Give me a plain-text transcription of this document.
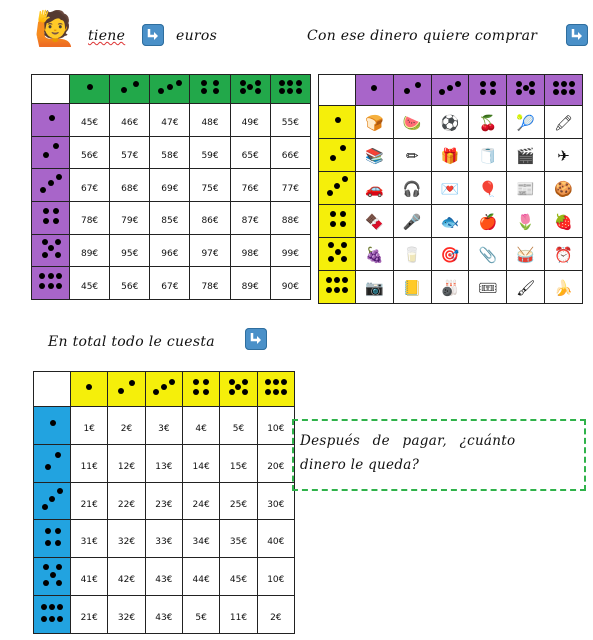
🙋 tiene	euros	Con ese dinero quiere comprar

	45€	46€	47€	48€	49€	55€

	56€	57€	58€	59€	65€	66€

	67€	68€	69€	75€	76€	77€

	78€	79€	85€	86€	87€	88€

	89€	95€	96€	97€	98€	99€

	45€	56€	67€	78€	89€	90€

	🍞	🍉	⚽	🍒	🎾	🖍

	📚	✏	🎁	🧻	🎬	✈

	🚗	🎧	💌	🎈	📰	🍪

	🍫	🎤	🐟	🍎	🌷	🍓

	🍇	🥛	🎯	📎	🥁	⏰

	📷	📒	🎳	🎟	🖌	🍌
En total todo le cuesta

	1€	2€	3€	4€	5€	10€

	11€	12€	13€	14€	15€	20€

	21€	22€	23€	24€	25€	30€

	31€	32€	33€	34€	35€	40€

	41€	42€	43€	44€	45€	10€

	21€	32€	43€	5€	11€	2€
Después de pagar, ¿cuánto
dinero le queda?
